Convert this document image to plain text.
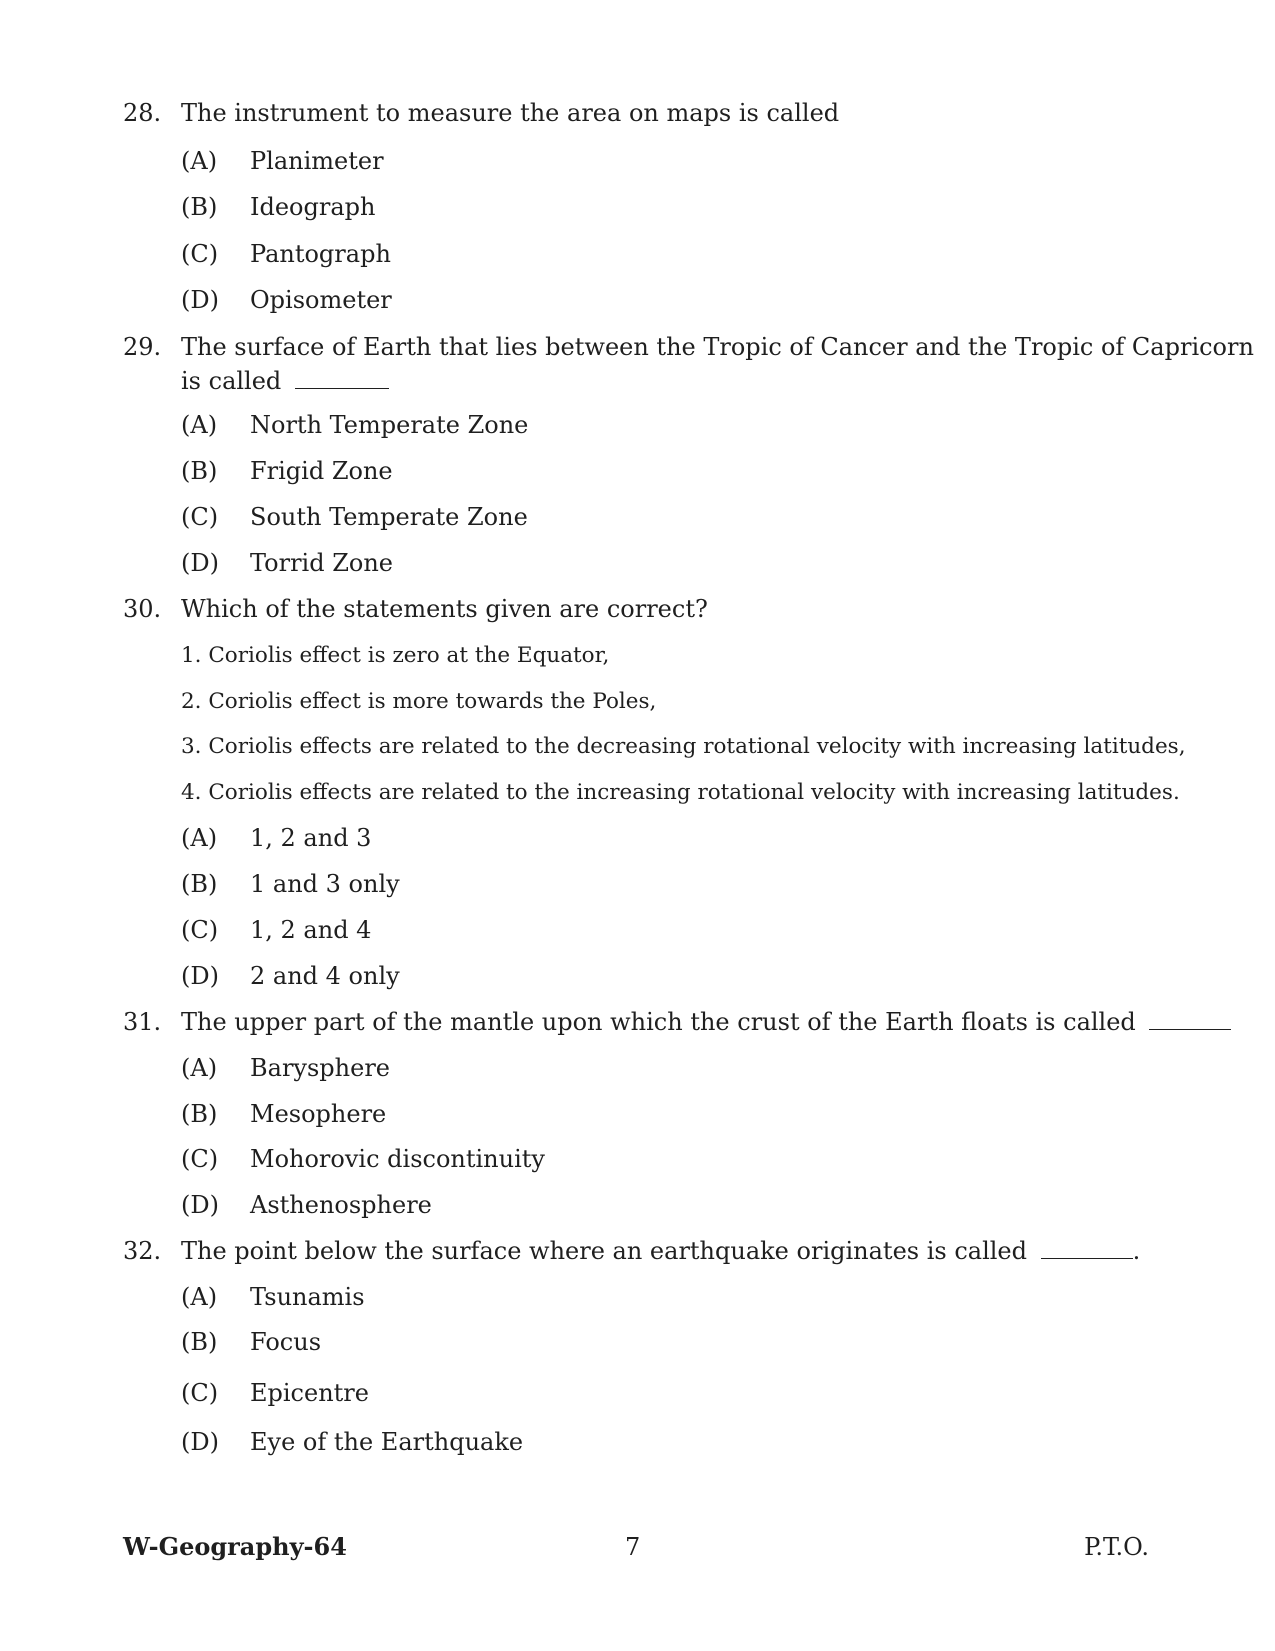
28. The instrument to measure the area on maps is called
(A) Planimeter
(B) Ideograph
(C) Pantograph
(D) Opisometer
29. The surface of Earth that lies between the Tropic of Cancer and the Tropic of Capricorn
is called
(A) North Temperate Zone
(B) Frigid Zone
(C) South Temperate Zone
(D) Torrid Zone
30. Which of the statements given are correct?
1. Coriolis effect is zero at the Equator,
2. Coriolis effect is more towards the Poles,
3. Coriolis effects are related to the decreasing rotational velocity with increasing latitudes,
4. Coriolis effects are related to the increasing rotational velocity with increasing latitudes.
(A) 1, 2 and 3
(B) 1 and 3 only
(C) 1, 2 and 4
(D) 2 and 4 only
31. The upper part of the mantle upon which the crust of the Earth floats is called
(A) Barysphere
(B) Mesophere
(C) Mohorovic discontinuity
(D) Asthenosphere
32. The point below the surface where an earthquake originates is called	.
(A) Tsunamis
(B) Focus
(C) Epicentre
(D) Eye of the Earthquake
W-Geography-64	7	P.T.O.
